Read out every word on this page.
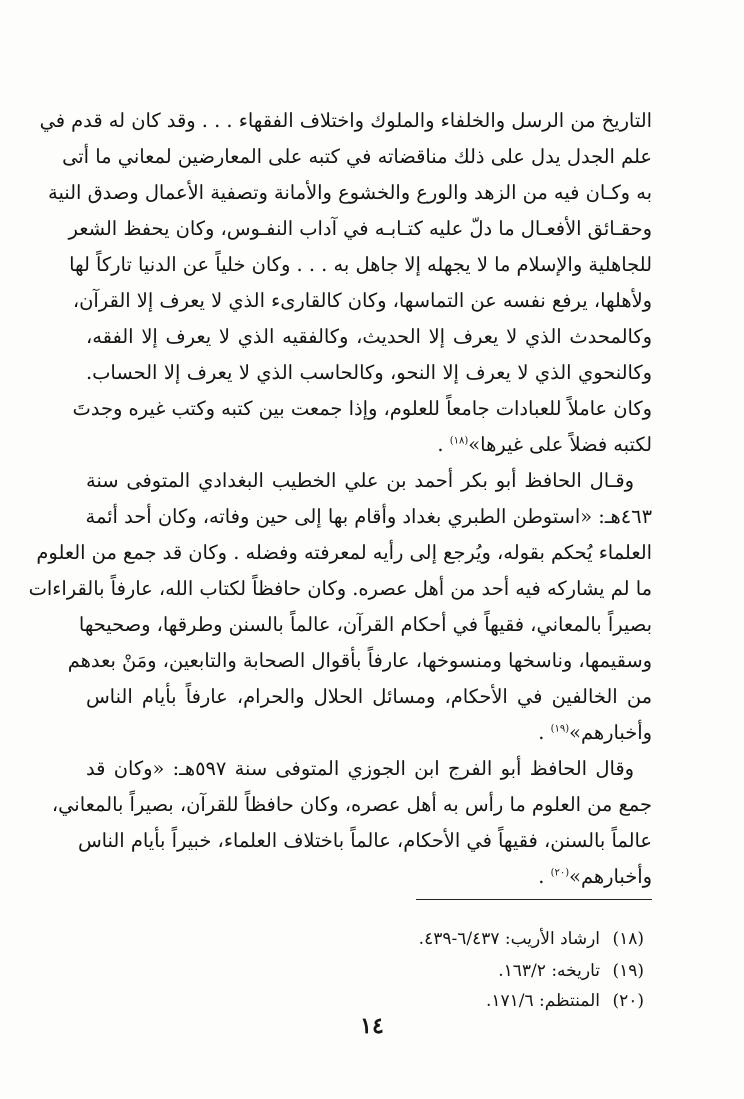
التاريخ من الرسل والخلفاء والملوك واختلاف الفقهاء . . . وقد كان له قدم في
علم الجدل يدل على ذلك مناقضاته في كتبه على المعارضين لمعاني ما أتى
به وكـان فيه من الزهد والورع والخشوع والأمانة وتصفية الأعمال وصدق النية
وحقـائق الأفعـال ما دلّ عليه كتـابـه في آداب النفـوس، وكان يحفظ الشعر
للجاهلية والإسلام ما لا يجهله إلا جاهل به . . . وكان خلياً عن الدنيا تاركاً لها
ولأهلها، يرفع نفسه عن التماسها، وكان كالقارىء الذي لا يعرف إلا القرآن،
وكالمحدث الذي لا يعرف إلا الحديث، وكالفقيه الذي لا يعرف إلا الفقه،
وكالنحوي الذي لا يعرف إلا النحو، وكالحاسب الذي لا يعرف إلا الحساب.
وكان عاملاً للعبادات جامعاً للعلوم، وإذا جمعت بين كتبه وكتب غيره وجدتَ
لكتبه فضلاً على غيرها»$^{(١٨)}$ .
وقـال الحافظ أبو بكر أحمد بن علي الخطيب البغدادي المتوفى سنة
٤٦٣هـ: «استوطن الطبري بغداد وأقام بها إلى حين وفاته، وكان أحد أئمة
العلماء يُحكم بقوله، ويُرجع إلى رأيه لمعرفته وفضله . وكان قد جمع من العلوم
ما لم يشاركه فيه أحد من أهل عصره. وكان حافظاً لكتاب الله، عارفاً بالقراءات
بصيراً بالمعاني، فقيهاً في أحكام القرآن، عالماً بالسنن وطرقها، وصحيحها
وسقيمها، وناسخها ومنسوخها، عارفاً بأقوال الصحابة والتابعين، ومَنْ بعدهم
من الخالفين في الأحكام، ومسائل الحلال والحرام، عارفاً بأيام الناس
وأخبارهم»$^{(١٩)}$ .
وقال الحافظ أبو الفرج ابن الجوزي المتوفى سنة ٥٩٧هـ: «وكان قد
جمع من العلوم ما رأس به أهل عصره، وكان حافظاً للقرآن، بصيراً بالمعاني،
عالماً بالسنن، فقيهاً في الأحكام، عالماً باختلاف العلماء، خبيراً بأيام الناس
وأخبارهم»$^{(٢٠)}$ .
(١٨)ارشاد الأريب: ٦/٤٣٧-٤٣٩.
(١٩)تاريخه: ١٦٣/٢.
(٢٠)المنتظم: ١٧١/٦.
١٤
